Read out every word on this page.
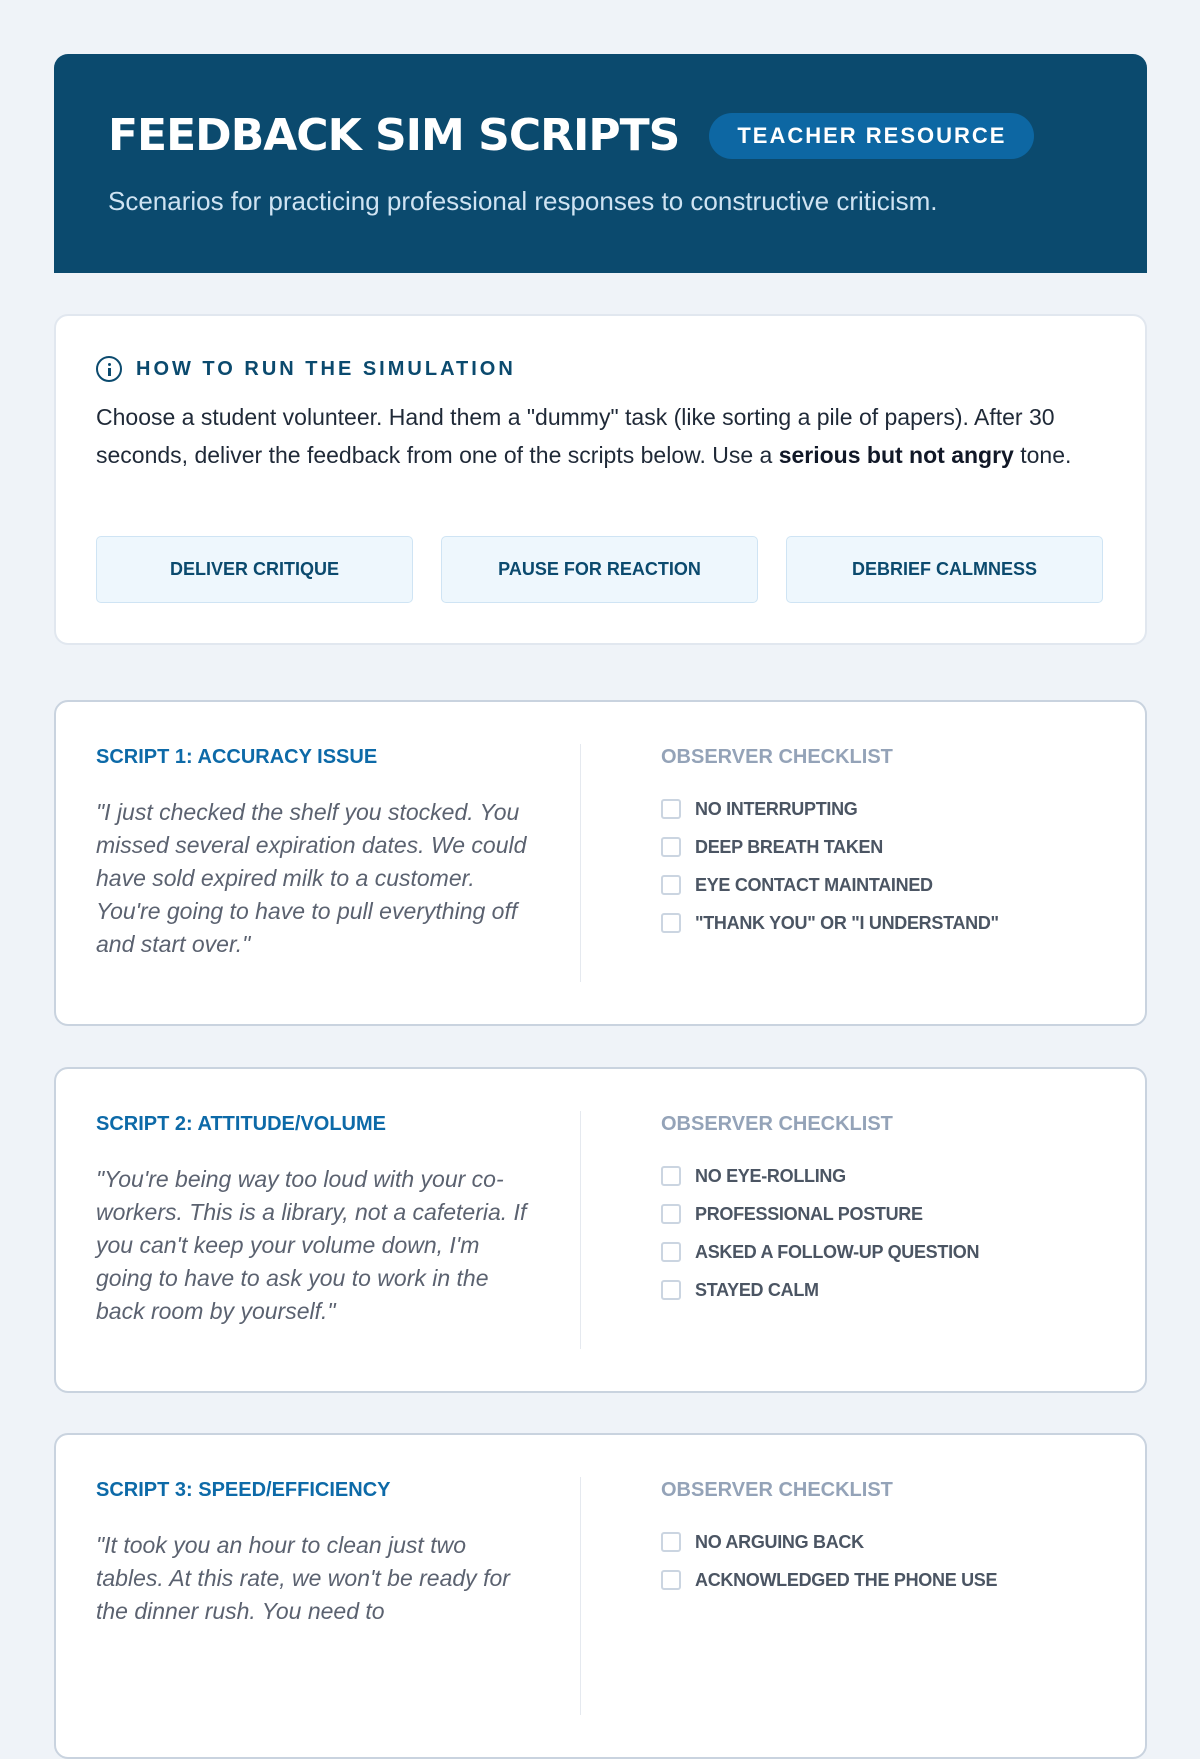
FEEDBACK SIM SCRIPTS	TEACHER RESOURCE

Scenarios for practicing professional responses to constructive criticism.

HOW TO RUN THE SIMULATION

Choose a student volunteer. Hand them a "dummy" task (like sorting a pile of papers). After 30 seconds, deliver the feedback from one of the scripts below. Use a serious but not angry tone.

DELIVER CRITIQUE	PAUSE FOR REACTION	DEBRIEF CALMNESS
SCRIPT 1: ACCURACY ISSUE

"I just checked the shelf you stocked. You missed several expiration dates. We could have sold expired milk to a customer. You're going to have to pull everything off and start over."

OBSERVER CHECKLIST
NO INTERRUPTING
DEEP BREATH TAKEN
EYE CONTACT MAINTAINED
"THANK YOU" OR "I UNDERSTAND"
SCRIPT 2: ATTITUDE/VOLUME

"You're being way too loud with your co-workers. This is a library, not a cafeteria. If you can't keep your volume down, I'm going to have to ask you to work in the back room by yourself."

OBSERVER CHECKLIST
NO EYE-ROLLING
PROFESSIONAL POSTURE
ASKED A FOLLOW-UP QUESTION
STAYED CALM
SCRIPT 3: SPEED/EFFICIENCY

"It took you an hour to clean just two tables. At this rate, we won't be ready for the dinner rush. You need to

OBSERVER CHECKLIST
NO ARGUING BACK
ACKNOWLEDGED THE PHONE USE
